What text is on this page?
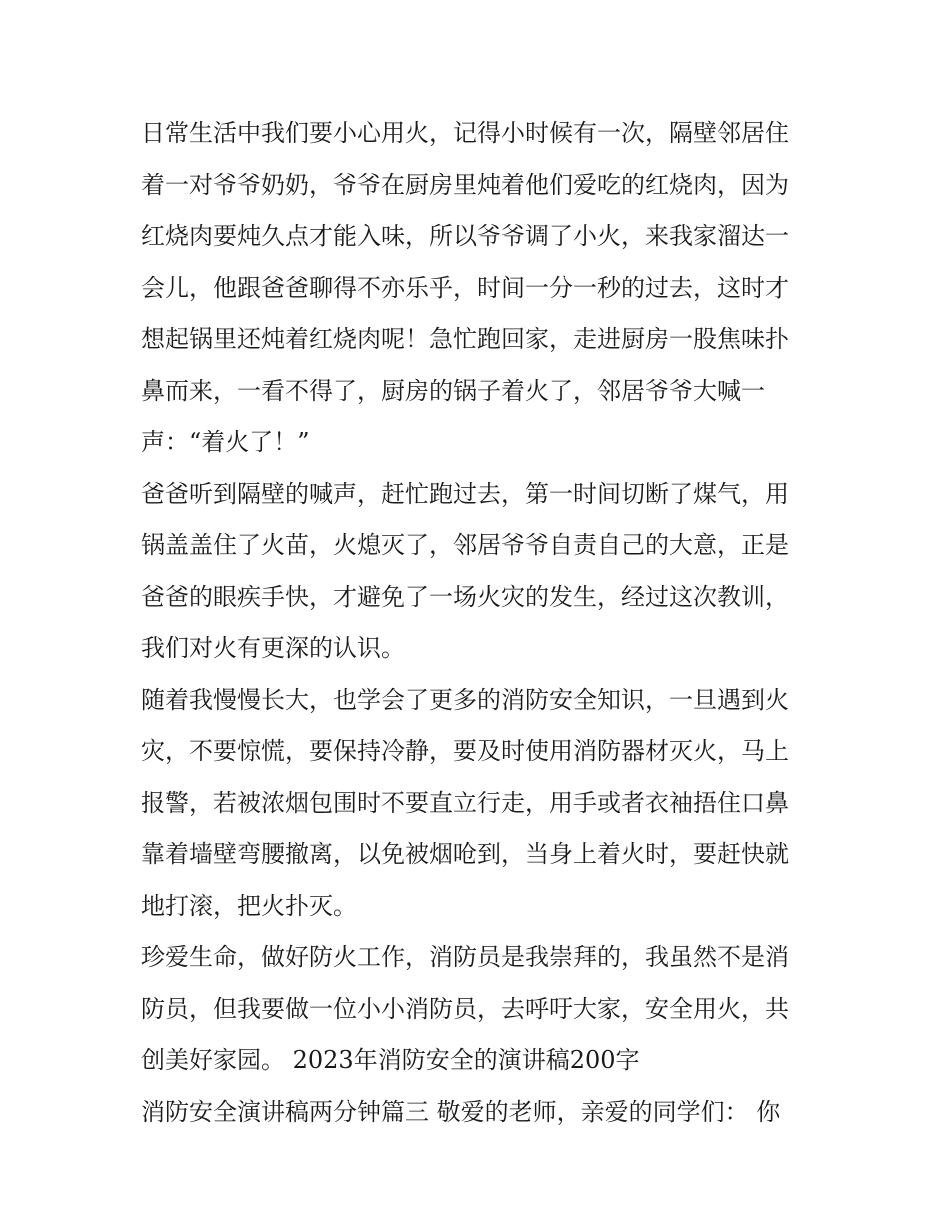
日常生活中我们要小心用火，记得小时候有一次，隔壁邻居住
着一对爷爷奶奶，爷爷在厨房里炖着他们爱吃的红烧肉，因为
红烧肉要炖久点才能入味，所以爷爷调了小火，来我家溜达一
会儿，他跟爸爸聊得不亦乐乎，时间一分一秒的过去，这时才
想起锅里还炖着红烧肉呢！急忙跑回家，走进厨房一股焦味扑
鼻而来，一看不得了，厨房的锅子着火了，邻居爷爷大喊一
声：“着火了！”
爸爸听到隔壁的喊声，赶忙跑过去，第一时间切断了煤气，用
锅盖盖住了火苗，火熄灭了，邻居爷爷自责自己的大意，正是
爸爸的眼疾手快，才避免了一场火灾的发生，经过这次教训，
我们对火有更深的认识。
随着我慢慢长大，也学会了更多的消防安全知识，一旦遇到火
灾，不要惊慌，要保持冷静，要及时使用消防器材灭火，马上
报警，若被浓烟包围时不要直立行走，用手或者衣袖捂住口鼻
靠着墙壁弯腰撤离，以免被烟呛到，当身上着火时，要赶快就
地打滚，把火扑灭。
珍爱生命，做好防火工作，消防员是我崇拜的，我虽然不是消
防员，但我要做一位小小消防员，去呼吁大家，安全用火，共
创美好家园。 2023年消防安全的演讲稿200字
消防安全演讲稿两分钟篇三 敬爱的老师，亲爱的同学们： 你
